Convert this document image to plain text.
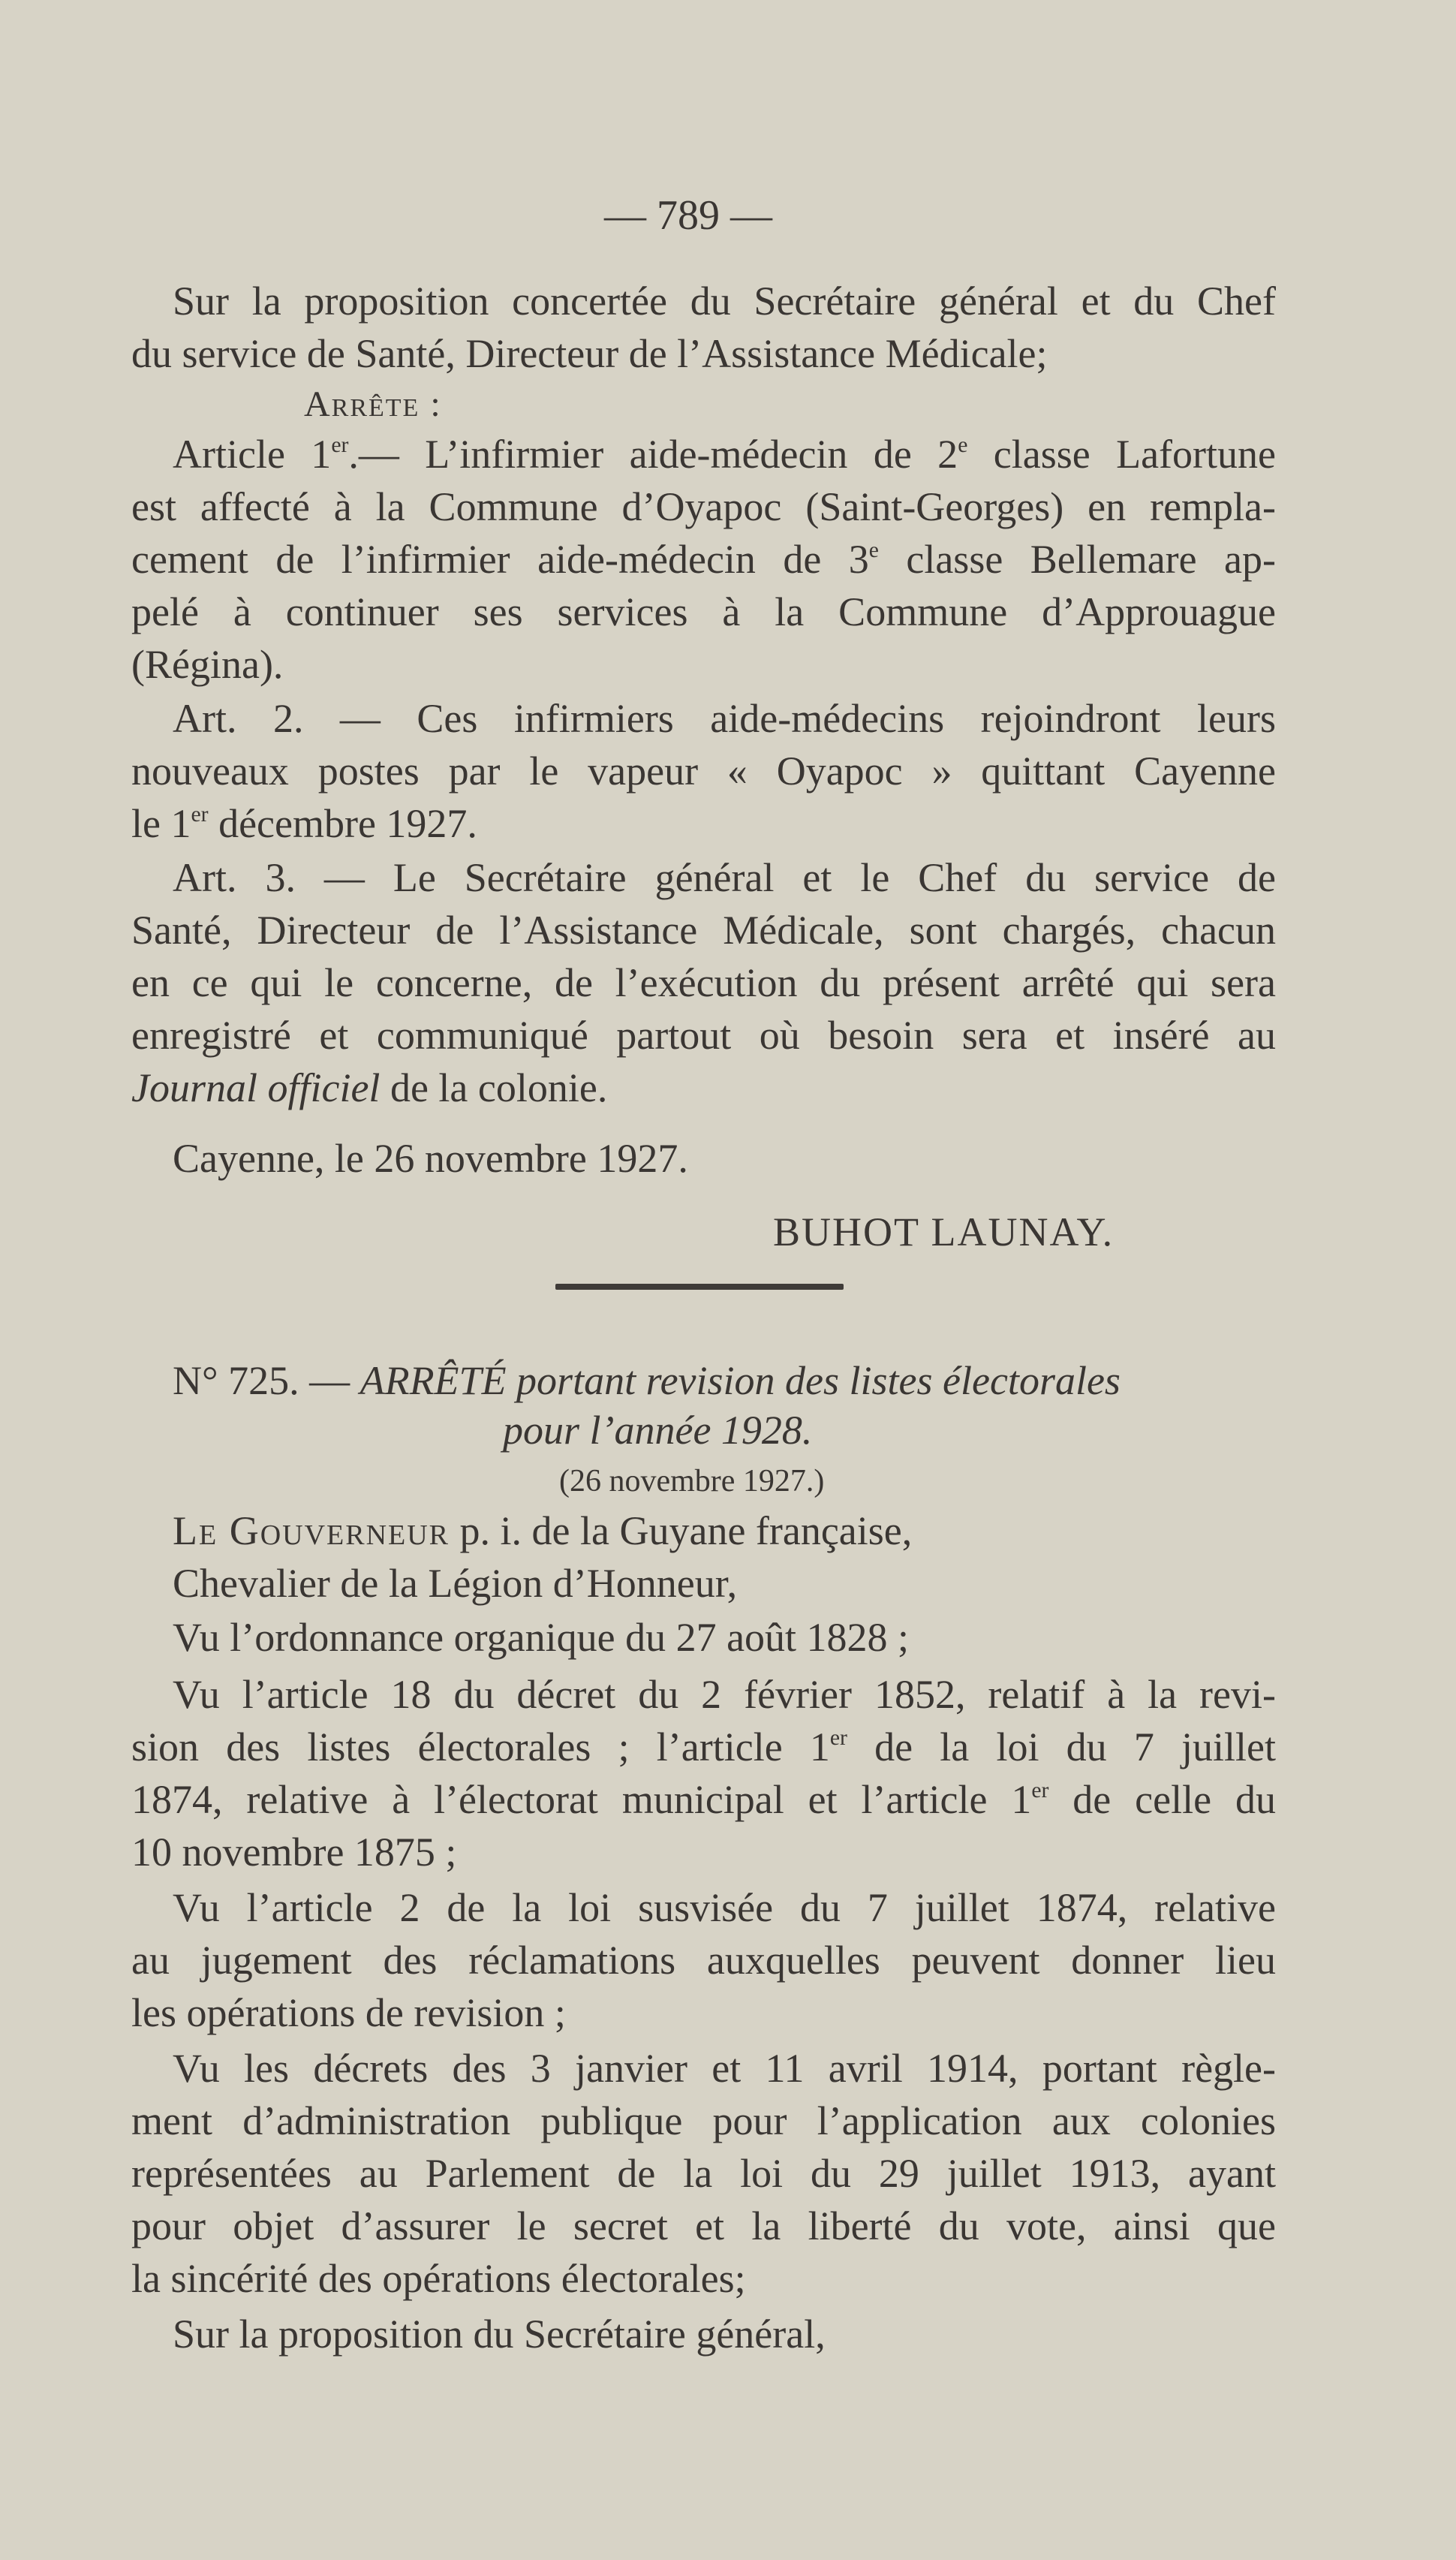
— 789 —
Sur la proposition concertée du Secrétaire général et du Chef
du service de Santé, Directeur de l’Assistance Médicale;
Arrête :
Article 1er.— L’infirmier aide-médecin de 2e classe Lafortune
est affecté à la Commune d’Oyapoc (Saint-Georges) en rempla-
cement de l’infirmier aide-médecin de 3e classe Bellemare ap-
pelé à continuer ses services à la Commune d’Approuague
(Régina).
Art. 2. — Ces infirmiers aide-médecins rejoindront leurs
nouveaux postes par le vapeur « Oyapoc » quittant Cayenne
le 1er décembre 1927.
Art. 3. — Le Secrétaire général et le Chef du service de
Santé, Directeur de l’Assistance Médicale, sont chargés, chacun
en ce qui le concerne, de l’exécution du présent arrêté qui sera
enregistré et communiqué partout où besoin sera et inséré au
Journal officiel de la colonie.
Cayenne, le 26 novembre 1927.
BUHOT LAUNAY.
N° 725. — ARRÊTÉ portant revision des listes électorales
pour l’année 1928.
(26 novembre 1927.)
Le Gouverneur p. i. de la Guyane française,
Chevalier de la Légion d’Honneur,
Vu l’ordonnance organique du 27 août 1828 ;
Vu l’article 18 du décret du 2 février 1852, relatif à la revi-
sion des listes électorales ; l’article 1er de la loi du 7 juillet
1874, relative à l’électorat municipal et l’article 1er de celle du
10 novembre 1875 ;
Vu l’article 2 de la loi susvisée du 7 juillet 1874, relative
au jugement des réclamations auxquelles peuvent donner lieu
les opérations de revision ;
Vu les décrets des 3 janvier et 11 avril 1914, portant règle-
ment d’administration publique pour l’application aux colonies
représentées au Parlement de la loi du 29 juillet 1913, ayant
pour objet d’assurer le secret et la liberté du vote, ainsi que
la sincérité des opérations électorales;
Sur la proposition du Secrétaire général,
